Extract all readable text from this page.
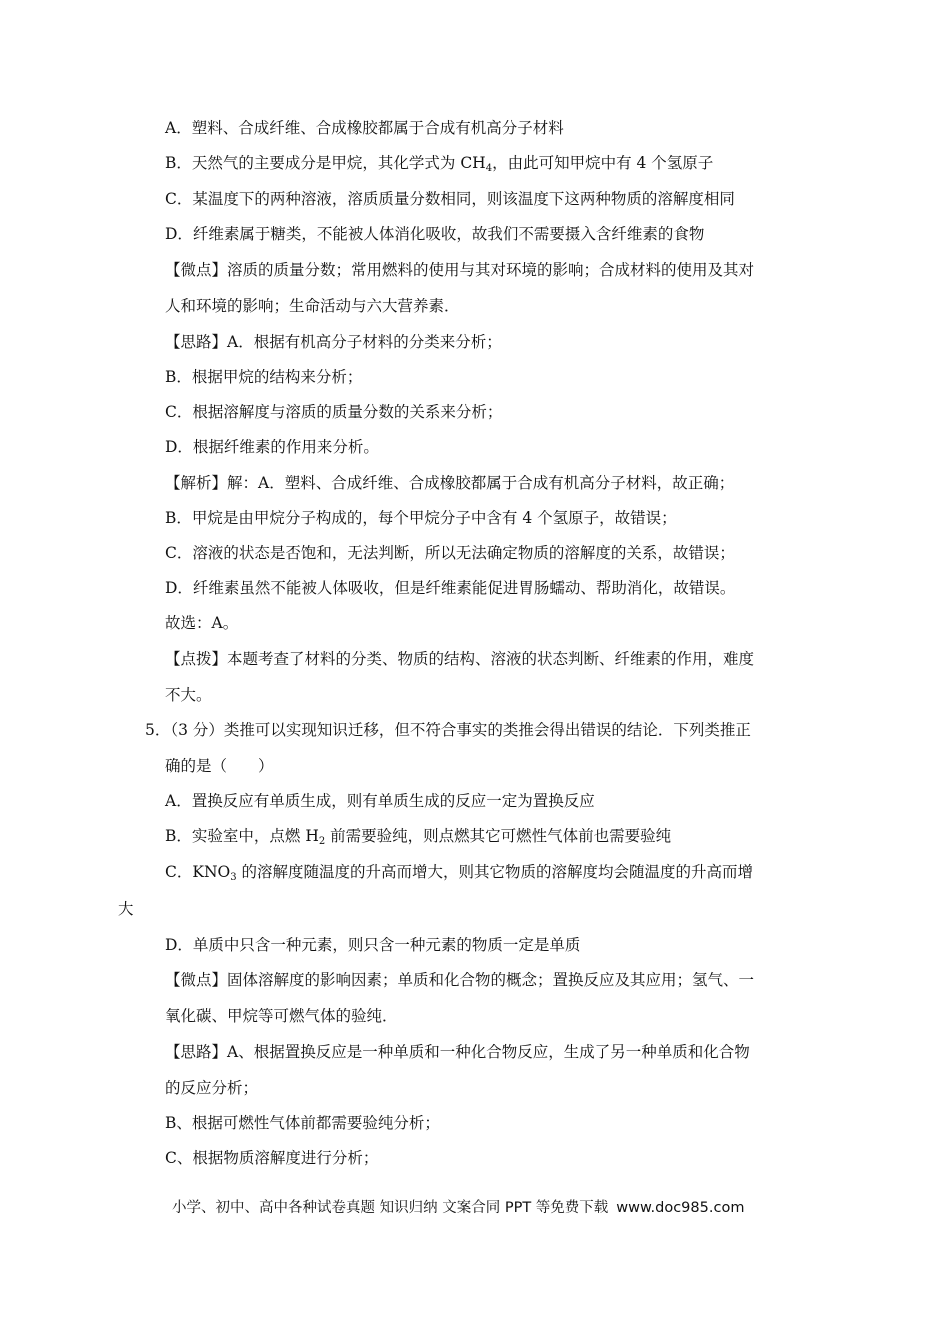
A．塑料、合成纤维、合成橡胶都属于合成有机高分子材料
B．天然气的主要成分是甲烷，其化学式为 $CH_4$，由此可知甲烷中有 4 个氢原子
C．某温度下的两种溶液，溶质质量分数相同，则该温度下这两种物质的溶解度相同
D．纤维素属于糖类，不能被人体消化吸收，故我们不需要摄入含纤维素的食物
【微点】溶质的质量分数；常用燃料的使用与其对环境的影响；合成材料的使用及其对
人和环境的影响；生命活动与六大营养素．
【思路】A．根据有机高分子材料的分类来分析；
B．根据甲烷的结构来分析；
C．根据溶解度与溶质的质量分数的关系来分析；
D．根据纤维素的作用来分析。
【解析】解：A．塑料、合成纤维、合成橡胶都属于合成有机高分子材料，故正确；
B．甲烷是由甲烷分子构成的，每个甲烷分子中含有 4 个氢原子，故错误；
C．溶液的状态是否饱和，无法判断，所以无法确定物质的溶解度的关系，故错误；
D．纤维素虽然不能被人体吸收，但是纤维素能促进胃肠蠕动、帮助消化，故错误。
故选：A。
【点拨】本题考查了材料的分类、物质的结构、溶液的状态判断、纤维素的作用，难度
不大。
5．（3 分）类推可以实现知识迁移，但不符合事实的类推会得出错误的结论．下列类推正
确的是（　　）
A．置换反应有单质生成，则有单质生成的反应一定为置换反应
B．实验室中，点燃 $H_2$ 前需要验纯，则点燃其它可燃性气体前也需要验纯
C．$KNO_3$ 的溶解度随温度的升高而增大，则其它物质的溶解度均会随温度的升高而增
大
D．单质中只含一种元素，则只含一种元素的物质一定是单质
【微点】固体溶解度的影响因素；单质和化合物的概念；置换反应及其应用；氢气、一
氧化碳、甲烷等可燃气体的验纯．
【思路】A、根据置换反应是一种单质和一种化合物反应，生成了另一种单质和化合物
的反应分析；
B、根据可燃性气体前都需要验纯分析；
C、根据物质溶解度进行分析；
小学、初中、高中各种试卷真题 知识归纳 文案合同 PPT 等免费下载 www.doc985.com
